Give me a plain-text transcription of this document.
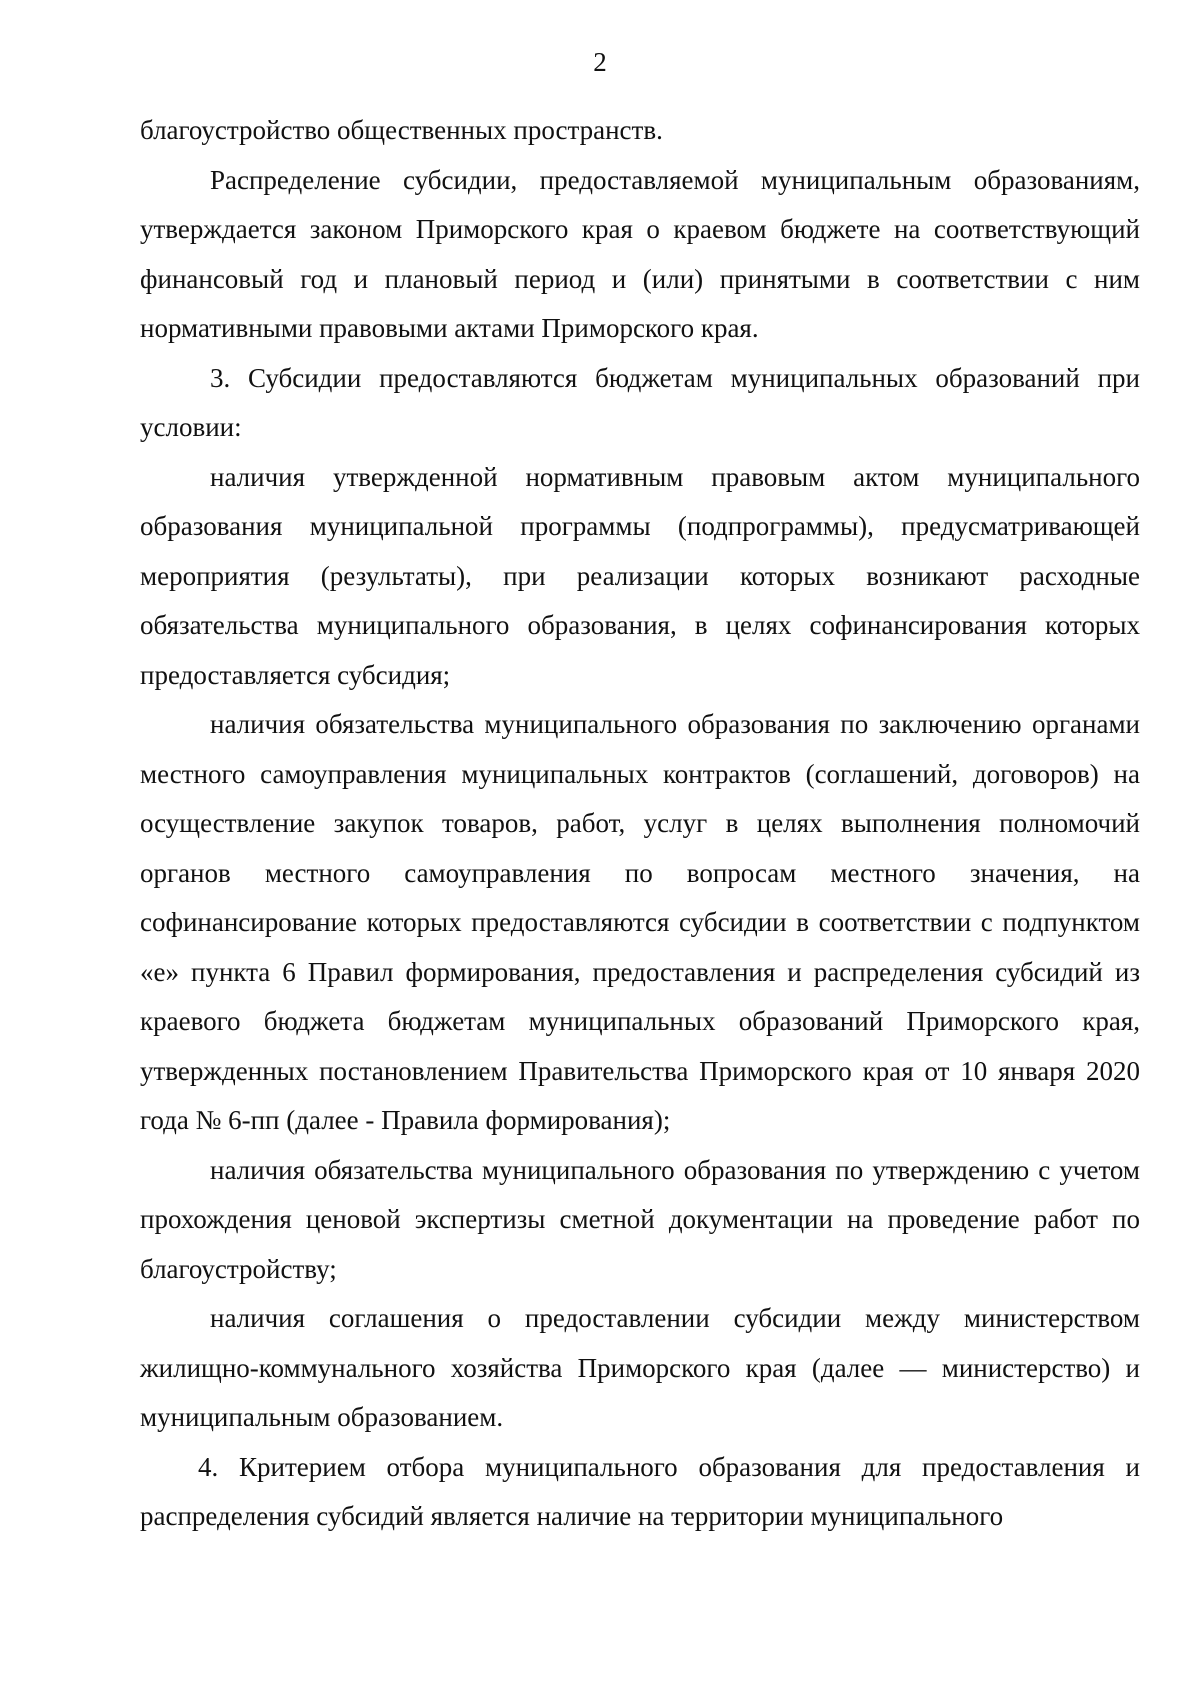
2

благоустройство общественных пространств.

Распределение субсидии, предоставляемой муниципальным образованиям, утверждается законом Приморского края о краевом бюджете на соответствующий финансовый год и плановый период и (или) принятыми в соответствии с ним нормативными правовыми актами Приморского края.

3. Субсидии предоставляются бюджетам муниципальных образований при условии:

наличия утвержденной нормативным правовым актом муниципального образования муниципальной программы (подпрограммы), предусматривающей мероприятия (результаты), при реализации которых возникают расходные обязательства муниципального образования, в целях софинансирования которых предоставляется субсидия;

наличия обязательства муниципального образования по заключению органами местного самоуправления муниципальных контрактов (соглашений, договоров) на осуществление закупок товаров, работ, услуг в целях выполнения полномочий органов местного самоуправления по вопросам местного значения, на софинансирование которых предоставляются субсидии в соответствии с подпунктом «е» пункта 6 Правил формирования, предоставления и распределения субсидий из краевого бюджета бюджетам муниципальных образований Приморского края, утвержденных постановлением Правительства Приморского края от 10 января 2020 года № 6-пп (далее - Правила формирования);

наличия обязательства муниципального образования по утверждению с учетом прохождения ценовой экспертизы сметной документации на проведение работ по благоустройству;

наличия соглашения о предоставлении субсидии между министерством жилищно-коммунального хозяйства Приморского края (далее — министерство) и муниципальным образованием.

4. Критерием отбора муниципального образования для предоставления и распределения субсидий является наличие на территории муниципального
